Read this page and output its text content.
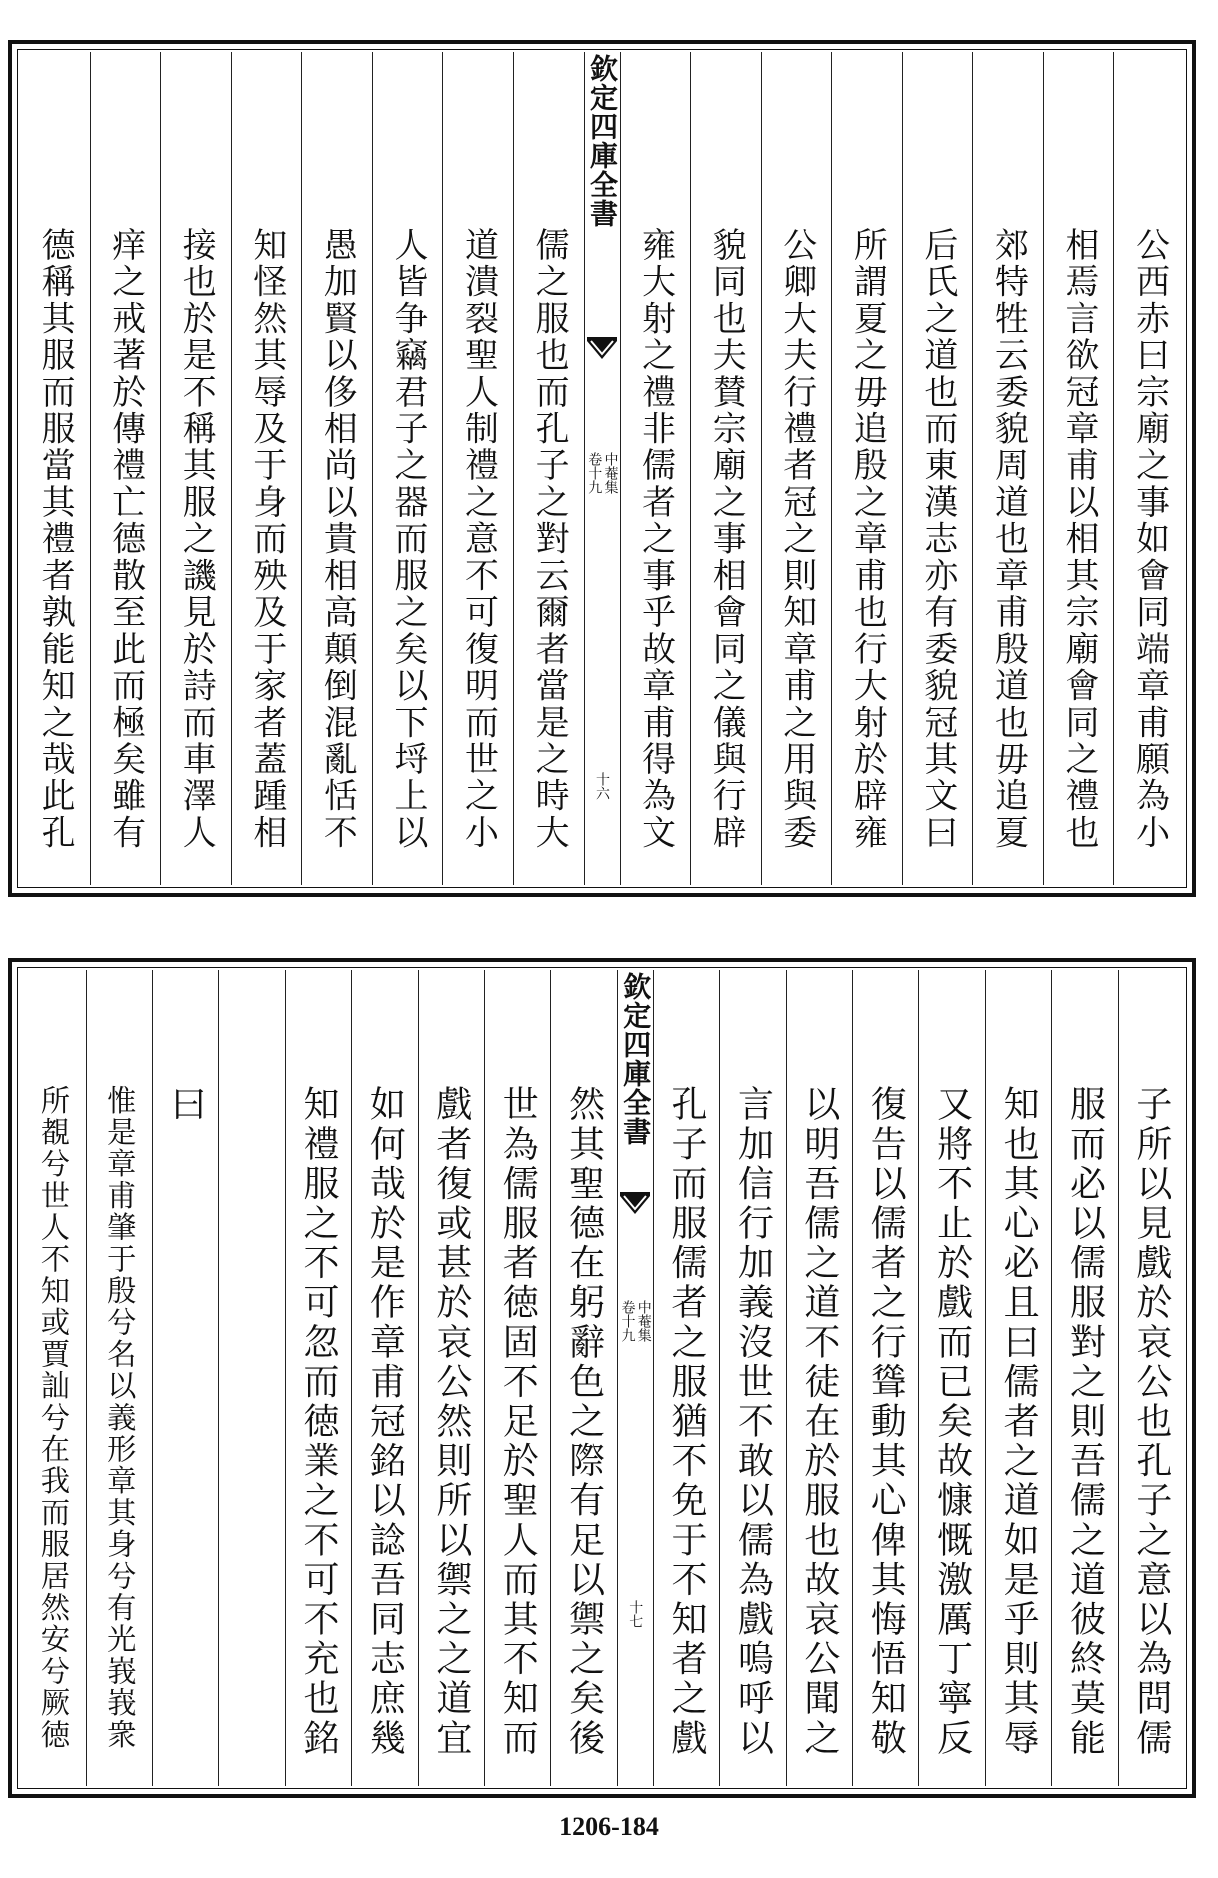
公西赤曰宗廟之事如會同端章甫願為小
相焉言欲冠章甫以相其宗廟會同之禮也
郊特牲云委貌周道也章甫殷道也毋追夏
后氏之道也而東漢志亦有委貌冠其文曰
所謂夏之毋追殷之章甫也行大射於辟雍
公卿大夫行禮者冠之則知章甫之用與委
貌同也夫賛宗廟之事相會同之儀與行辟
雍大射之禮非儒者之事乎故章甫得為文
欽定四庫全書
中菴集
卷十九
十六
儒之服也而孔子之對云爾者當是之時大
道潰裂聖人制禮之意不可復明而世之小
人皆争竊君子之器而服之矣以下埒上以
愚加賢以侈相尚以貴相高顛倒混亂恬不
知怪然其辱及于身而殃及于家者蓋踵相
接也於是不稱其服之譏見於詩而車澤人
痒之戒著於傳禮亡德散至此而極矣雖有
德稱其服而服當其禮者孰能知之哉此孔
子所以見戲於哀公也孔子之意以為問儒
服而必以儒服對之則吾儒之道彼終莫能
知也其心必且曰儒者之道如是乎則其辱
又將不止於戲而已矣故慷慨激厲丁寧反
復告以儒者之行聳動其心俾其悔悟知敬
以明吾儒之道不徒在於服也故哀公聞之
言加信行加義沒世不敢以儒為戲嗚呼以
孔子而服儒者之服猶不免于不知者之戲
欽定四庫全書
中菴集
卷十九
十七
然其聖德在躬辭色之際有足以禦之矣後
世為儒服者徳固不足於聖人而其不知而
戲者復或甚於哀公然則所以禦之之道宜
如何哉於是作章甫冠銘以諗吾同志庶幾
知禮服之不可忽而徳業之不可不充也銘
曰
惟是章甫肇于殷兮名以義形章其身兮有光峩峩衆
所覩兮世人不知或賈訕兮在我而服居然安兮厥徳
1206-184
